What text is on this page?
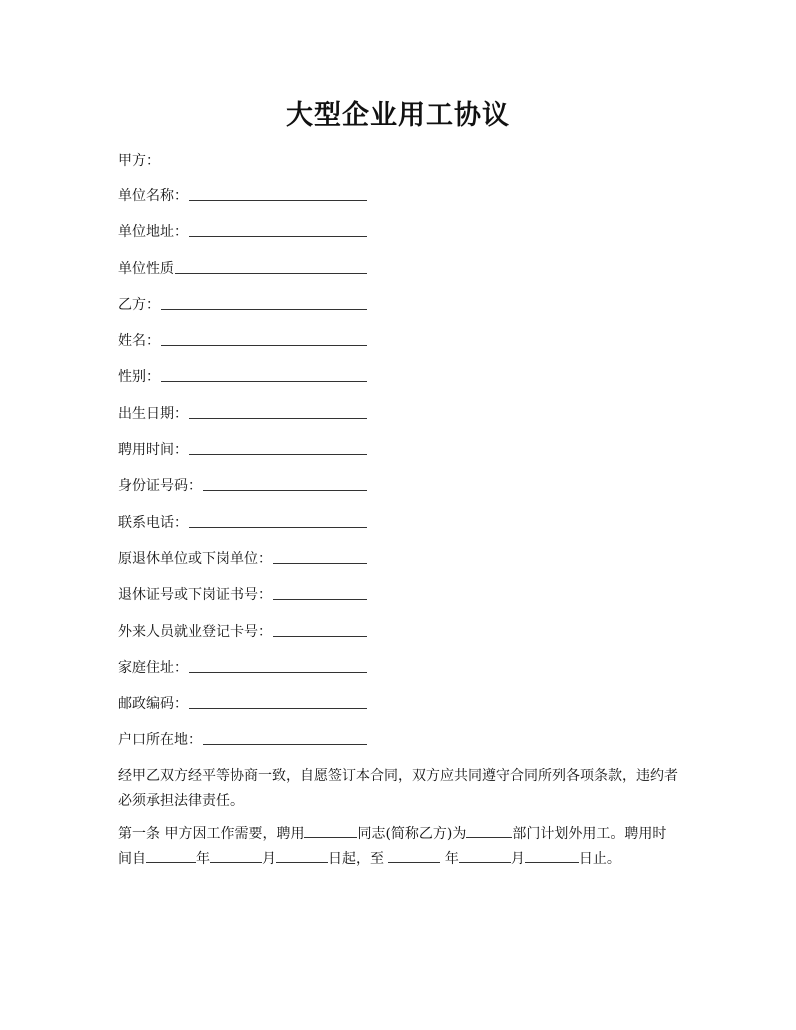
大型企业用工协议
甲方：
单位名称：
单位地址：
单位性质
乙方：
姓名：
性别：
出生日期：
聘用时间：
身份证号码：
联系电话：
原退休单位或下岗单位：
退休证号或下岗证书号：
外来人员就业登记卡号：
家庭住址：
邮政编码：
户口所在地：

经甲乙双方经平等协商一致，自愿签订本合同，双方应共同遵守合同所列各项条款，违约者必须承担法律责任。

第一条 甲方因工作需要，聘用	同志(简称乙方)为	部门计划外用工。聘用时间自	年	月	日起，至	年	月	日止。
